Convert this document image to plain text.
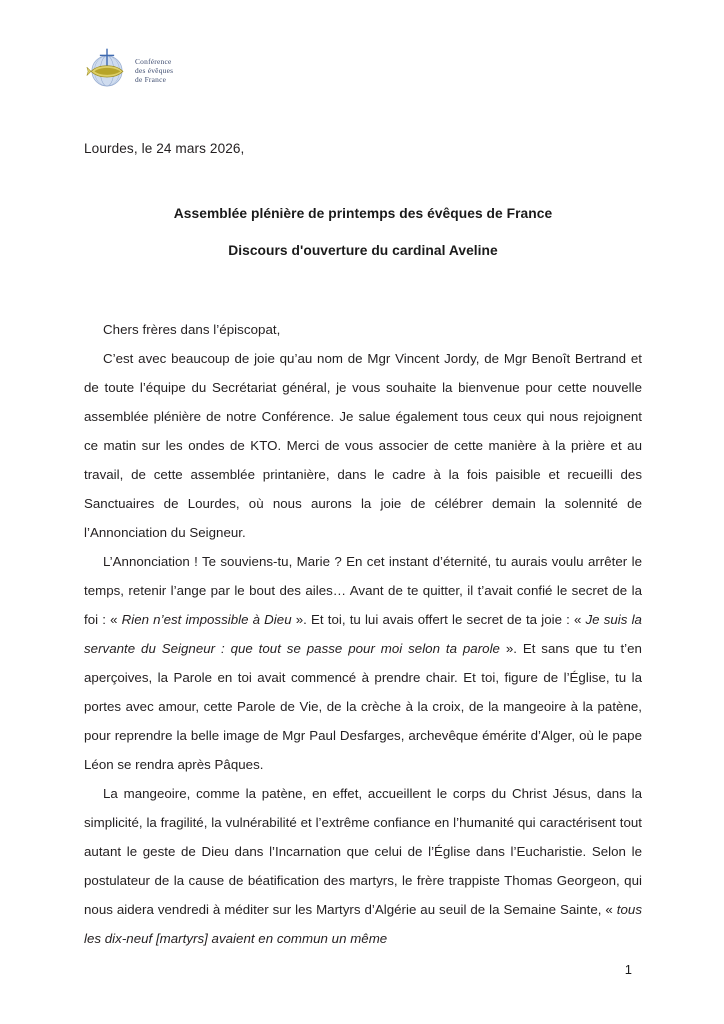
Conférence
des évêques
de France
Lourdes, le 24 mars 2026,
Assemblée plénière de printemps des évêques de France
Discours d'ouverture du cardinal Aveline

Chers frères dans l’épiscopat,

C’est avec beaucoup de joie qu’au nom de Mgr Vincent Jordy, de Mgr Benoît Bertrand et de toute l’équipe du Secrétariat général, je vous souhaite la bienvenue pour cette nouvelle assemblée plénière de notre Conférence. Je salue également tous ceux qui nous rejoignent ce matin sur les ondes de KTO. Merci de vous associer de cette manière à la prière et au travail, de cette assemblée printanière, dans le cadre à la fois paisible et recueilli des Sanctuaires de Lourdes, où nous aurons la joie de célébrer demain la solennité de l’Annonciation du Seigneur.

L’Annonciation ! Te souviens-tu, Marie ? En cet instant d’éternité, tu aurais voulu arrêter le temps, retenir l’ange par le bout des ailes… Avant de te quitter, il t’avait confié le secret de la foi : « Rien n’est impossible à Dieu ». Et toi, tu lui avais offert le secret de ta joie : « Je suis la servante du Seigneur : que tout se passe pour moi selon ta parole ». Et sans que tu t’en aperçoives, la Parole en toi avait commencé à prendre chair. Et toi, figure de l’Église, tu la portes avec amour, cette Parole de Vie, de la crèche à la croix, de la mangeoire à la patène, pour reprendre la belle image de Mgr Paul Desfarges, archevêque émérite d’Alger, où le pape Léon se rendra après Pâques.

La mangeoire, comme la patène, en effet, accueillent le corps du Christ Jésus, dans la simplicité, la fragilité, la vulnérabilité et l’extrême confiance en l’humanité qui caractérisent tout autant le geste de Dieu dans l’Incarnation que celui de l’Église dans l’Eucharistie. Selon le postulateur de la cause de béatification des martyrs, le frère trappiste Thomas Georgeon, qui nous aidera vendredi à méditer sur les Martyrs d’Algérie au seuil de la Semaine Sainte, « tous les dix-neuf [martyrs] avaient en commun un même

1
